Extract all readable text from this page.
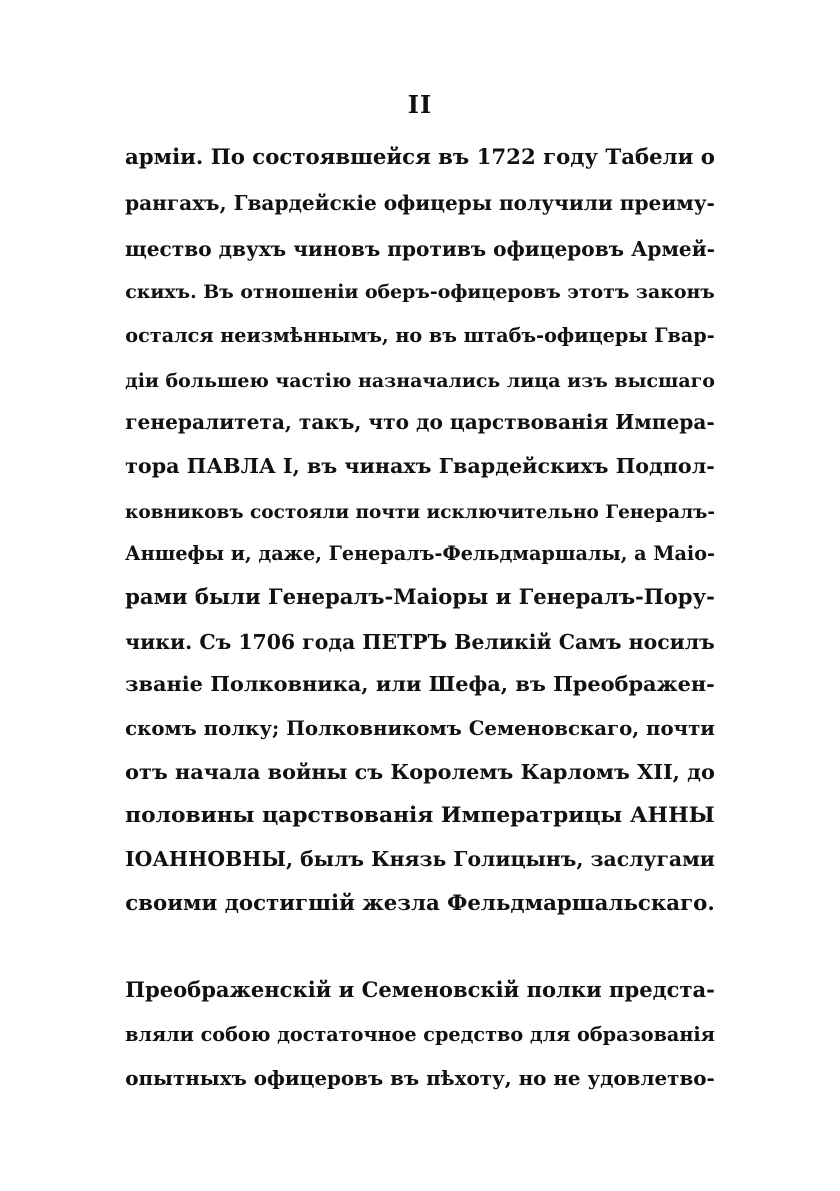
II
армiи. По состоявшейся въ 1722 году Табели о
рангахъ, Гвардейскiе офицеры получили преиму-
щество двухъ чиновъ противъ офицеровъ Армей-
скихъ. Въ отношенiи оберъ-офицеровъ этотъ законъ
остался неизмѣннымъ, но въ штабъ-офицеры Гвар-
дiи большею частiю назначались лица изъ высшаго
генералитета, такъ, что до царствованiя Импера-
тора ПАВЛА I, въ чинахъ Гвардейскихъ Подпол-
ковниковъ состояли почти исключительно Генералъ-
Аншефы и, даже, Генералъ-Фельдмаршалы, а Маiо-
рами были Генералъ-Маiоры и Генералъ-Пору-
чики. Съ 1706 года ПЕТРЪ Великiй Самъ носилъ
званiе Полковника, или Шефа, въ Преображен-
скомъ полку; Полковникомъ Семеновскаго, почти
отъ начала войны съ Королемъ Карломъ XII, до
половины царствованiя Императрицы АННЫ
IОАННОВНЫ, былъ Князь Голицынъ, заслугами
своими достигшiй жезла Фельдмаршальскаго.
Преображенскiй и Семеновскiй полки предста-
вляли собою достаточное средство для образованiя
опытныхъ офицеровъ въ пѣхоту, но не удовлетво-
